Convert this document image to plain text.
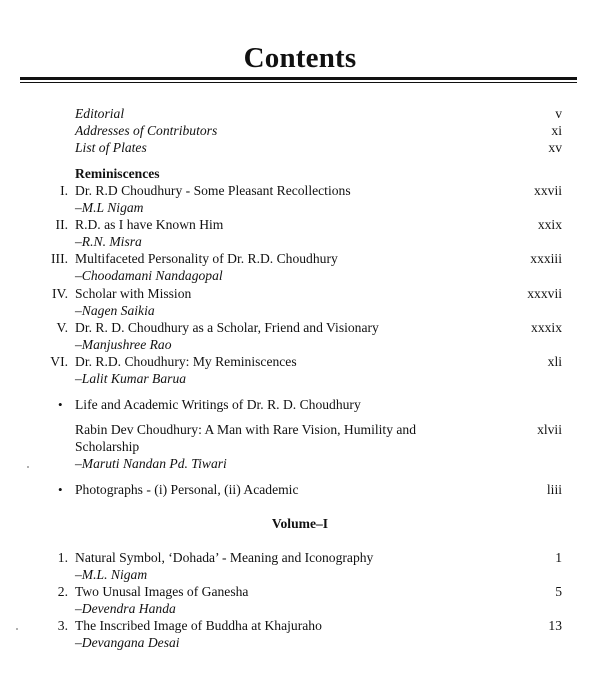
Contents
Editorial	v
Addresses of Contributors	xi
List of Plates	xv
Reminiscences
I. Dr. R.D Choudhury - Some Pleasant Recollections	xxvii
–M.L Nigam
II. R.D. as I have Known Him	xxix
–R.N. Misra
III. Multifaceted Personality of Dr. R.D. Choudhury	xxxiii
–Choodamani Nandagopal
IV. Scholar with Mission	xxxvii
–Nagen Saikia
V. Dr. R. D. Choudhury as a Scholar, Friend and Visionary	xxxix
–Manjushree Rao
VI. Dr. R.D. Choudhury: My Reminiscences	xli
–Lalit Kumar Barua
• Life and Academic Writings of Dr. R. D. Choudhury
Rabin Dev Choudhury: A Man with Rare Vision, Humility and	xlvii
Scholarship
–Maruti Nandan Pd. Tiwari
• Photographs - (i) Personal, (ii) Academic	liii
Volume–I
1. Natural Symbol, ‘Dohada’ - Meaning and Iconography	1
–M.L. Nigam
2. Two Unusal Images of Ganesha	5
–Devendra Handa
3. The Inscribed Image of Buddha at Khajuraho	13
–Devangana Desai
